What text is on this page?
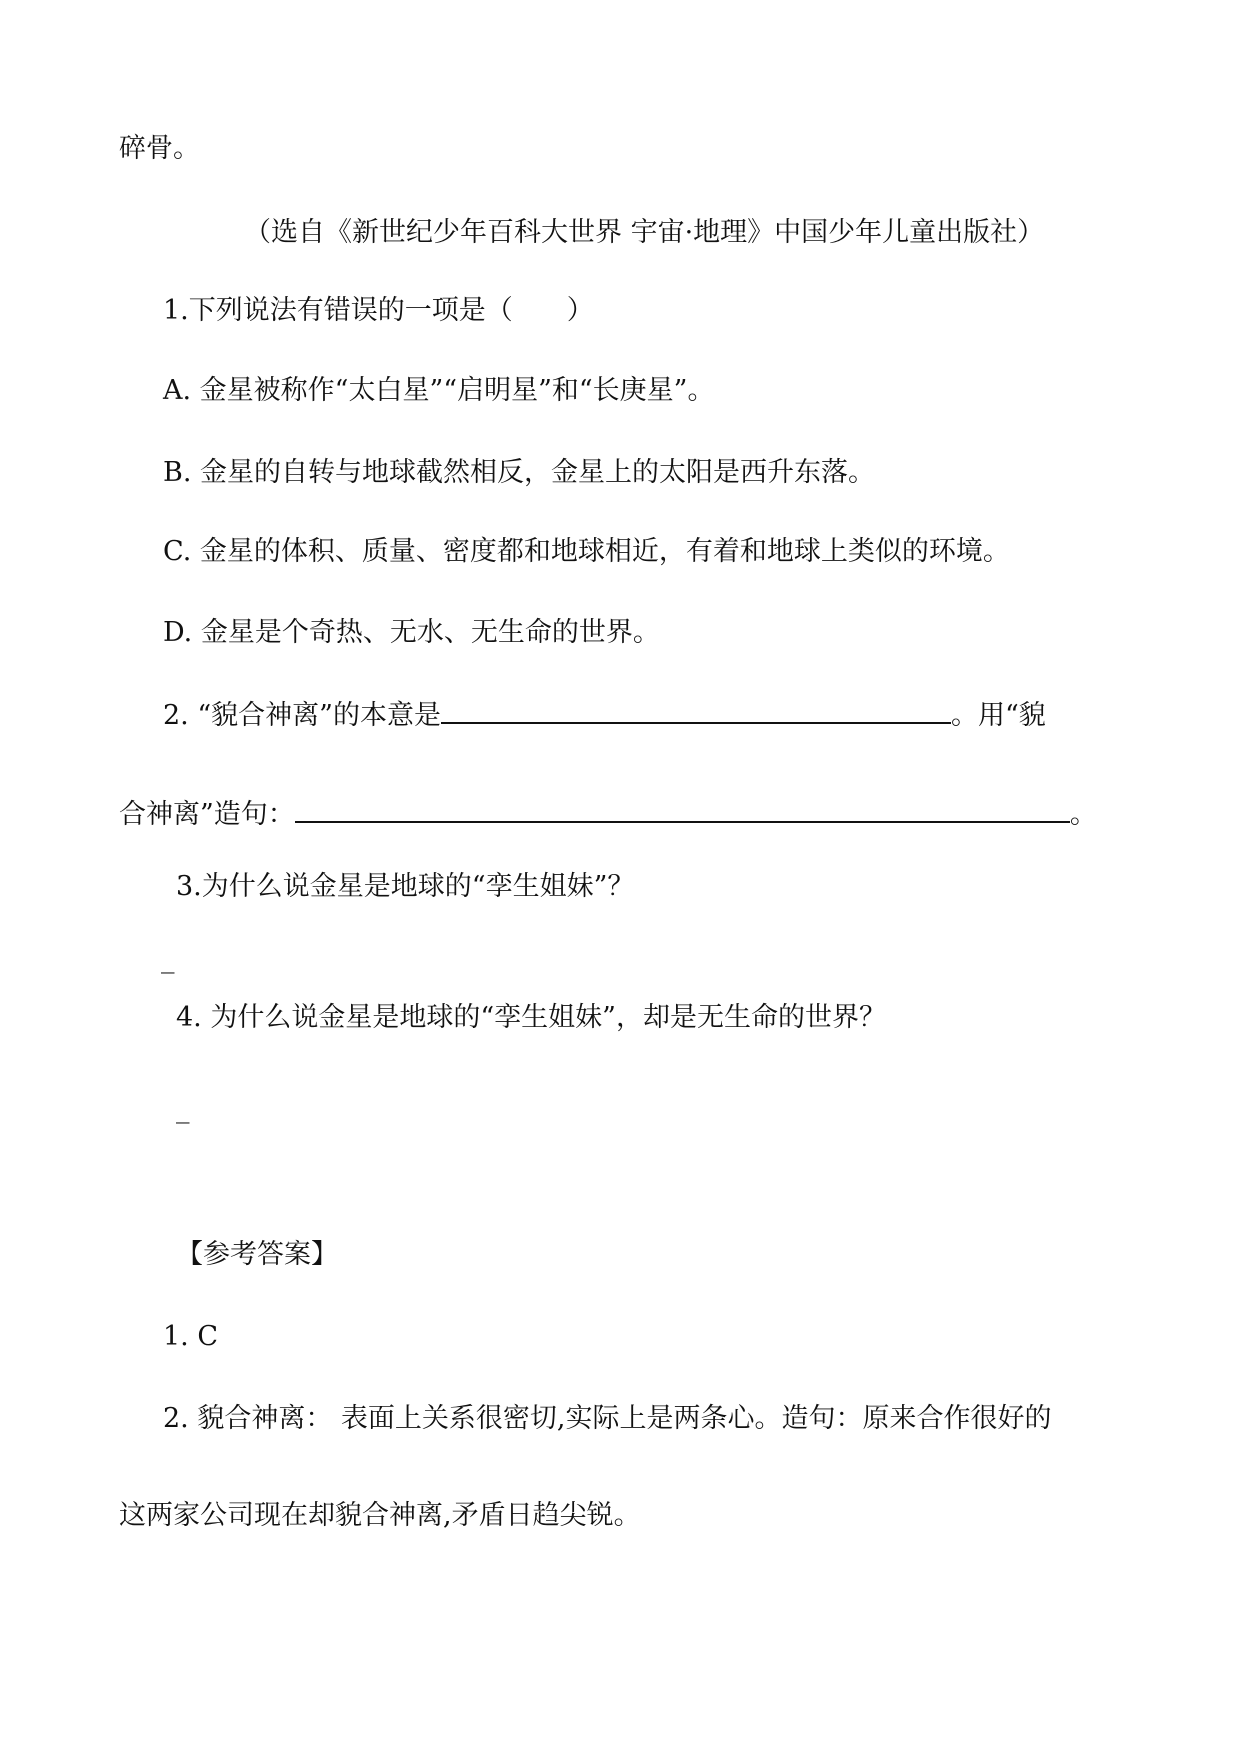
碎骨。
（选自《新世纪少年百科大世界 宇宙·地理》中国少年儿童出版社）
1.下列说法有错误的一项是（　　）
A. 金星被称作“太白星”“启明星”和“长庚星”。
B. 金星的自转与地球截然相反，金星上的太阳是西升东落。
C. 金星的体积、质量、密度都和地球相近，有着和地球上类似的环境。
D. 金星是个奇热、无水、无生命的世界。
2. “貌合神离”的本意是	。用“貌
合神离”造句：	。
3.为什么说金星是地球的“孪生姐妹”？
_
4. 为什么说金星是地球的“孪生姐妹”，却是无生命的世界？
_
【参考答案】
1. C
2. 貌合神离： 表面上关系很密切,实际上是两条心。造句：原来合作很好的
这两家公司现在却貌合神离,矛盾日趋尖锐。
